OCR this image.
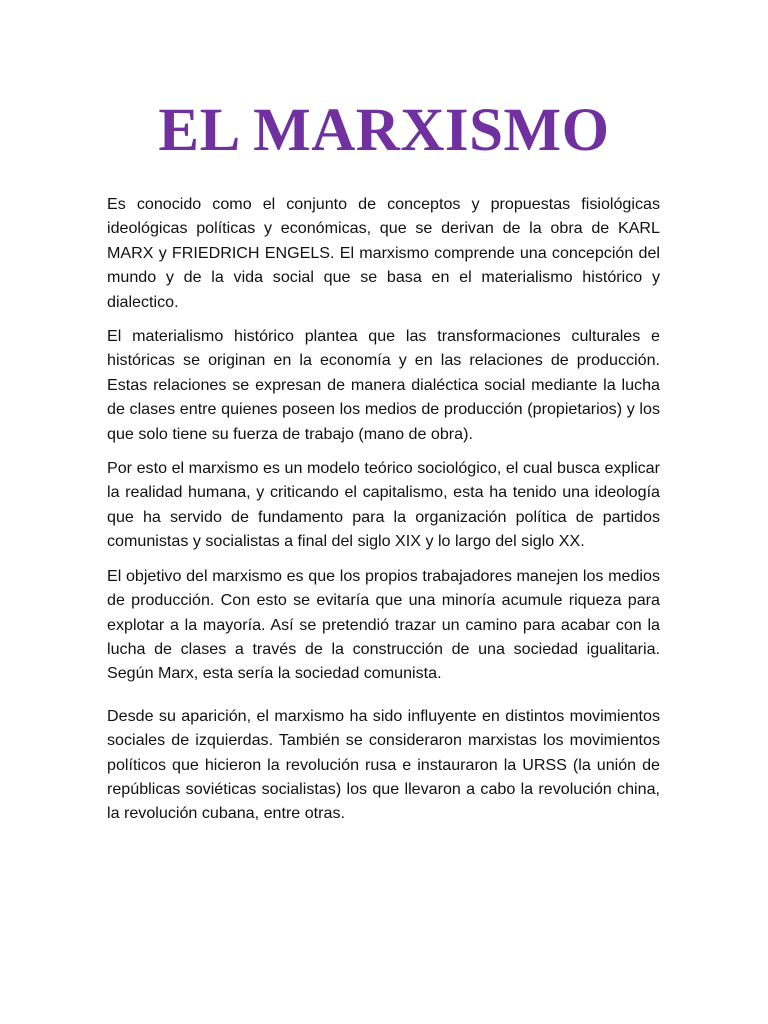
EL MARXISMO

Es conocido como el conjunto de conceptos y propuestas fisiológicas ideológicas políticas y económicas, que se derivan de la obra de KARL MARX y FRIEDRICH ENGELS. El marxismo comprende una concepción del mundo y de la vida social que se basa en el materialismo histórico y dialectico.

El materialismo histórico plantea que las transformaciones culturales e históricas se originan en la economía y en las relaciones de producción. Estas relaciones se expresan de manera dialéctica social mediante la lucha de clases entre quienes poseen los medios de producción (propietarios) y los que solo tiene su fuerza de trabajo (mano de obra).

Por esto el marxismo es un modelo teórico sociológico, el cual busca explicar la realidad humana, y criticando el capitalismo, esta ha tenido una ideología que ha servido de fundamento para la organización política de partidos comunistas y socialistas a final del siglo XIX y lo largo del siglo XX.

El objetivo del marxismo es que los propios trabajadores manejen los medios de producción. Con esto se evitaría que una minoría acumule riqueza para explotar a la mayoría. Así se pretendió trazar un camino para acabar con la lucha de clases a través de la construcción de una sociedad igualitaria. Según Marx, esta sería la sociedad comunista.

Desde su aparición, el marxismo ha sido influyente en distintos movimientos sociales de izquierdas. También se consideraron marxistas los movimientos políticos que hicieron la revolución rusa e instauraron la URSS (la unión de repúblicas soviéticas socialistas) los que llevaron a cabo la revolución china, la revolución cubana, entre otras.
